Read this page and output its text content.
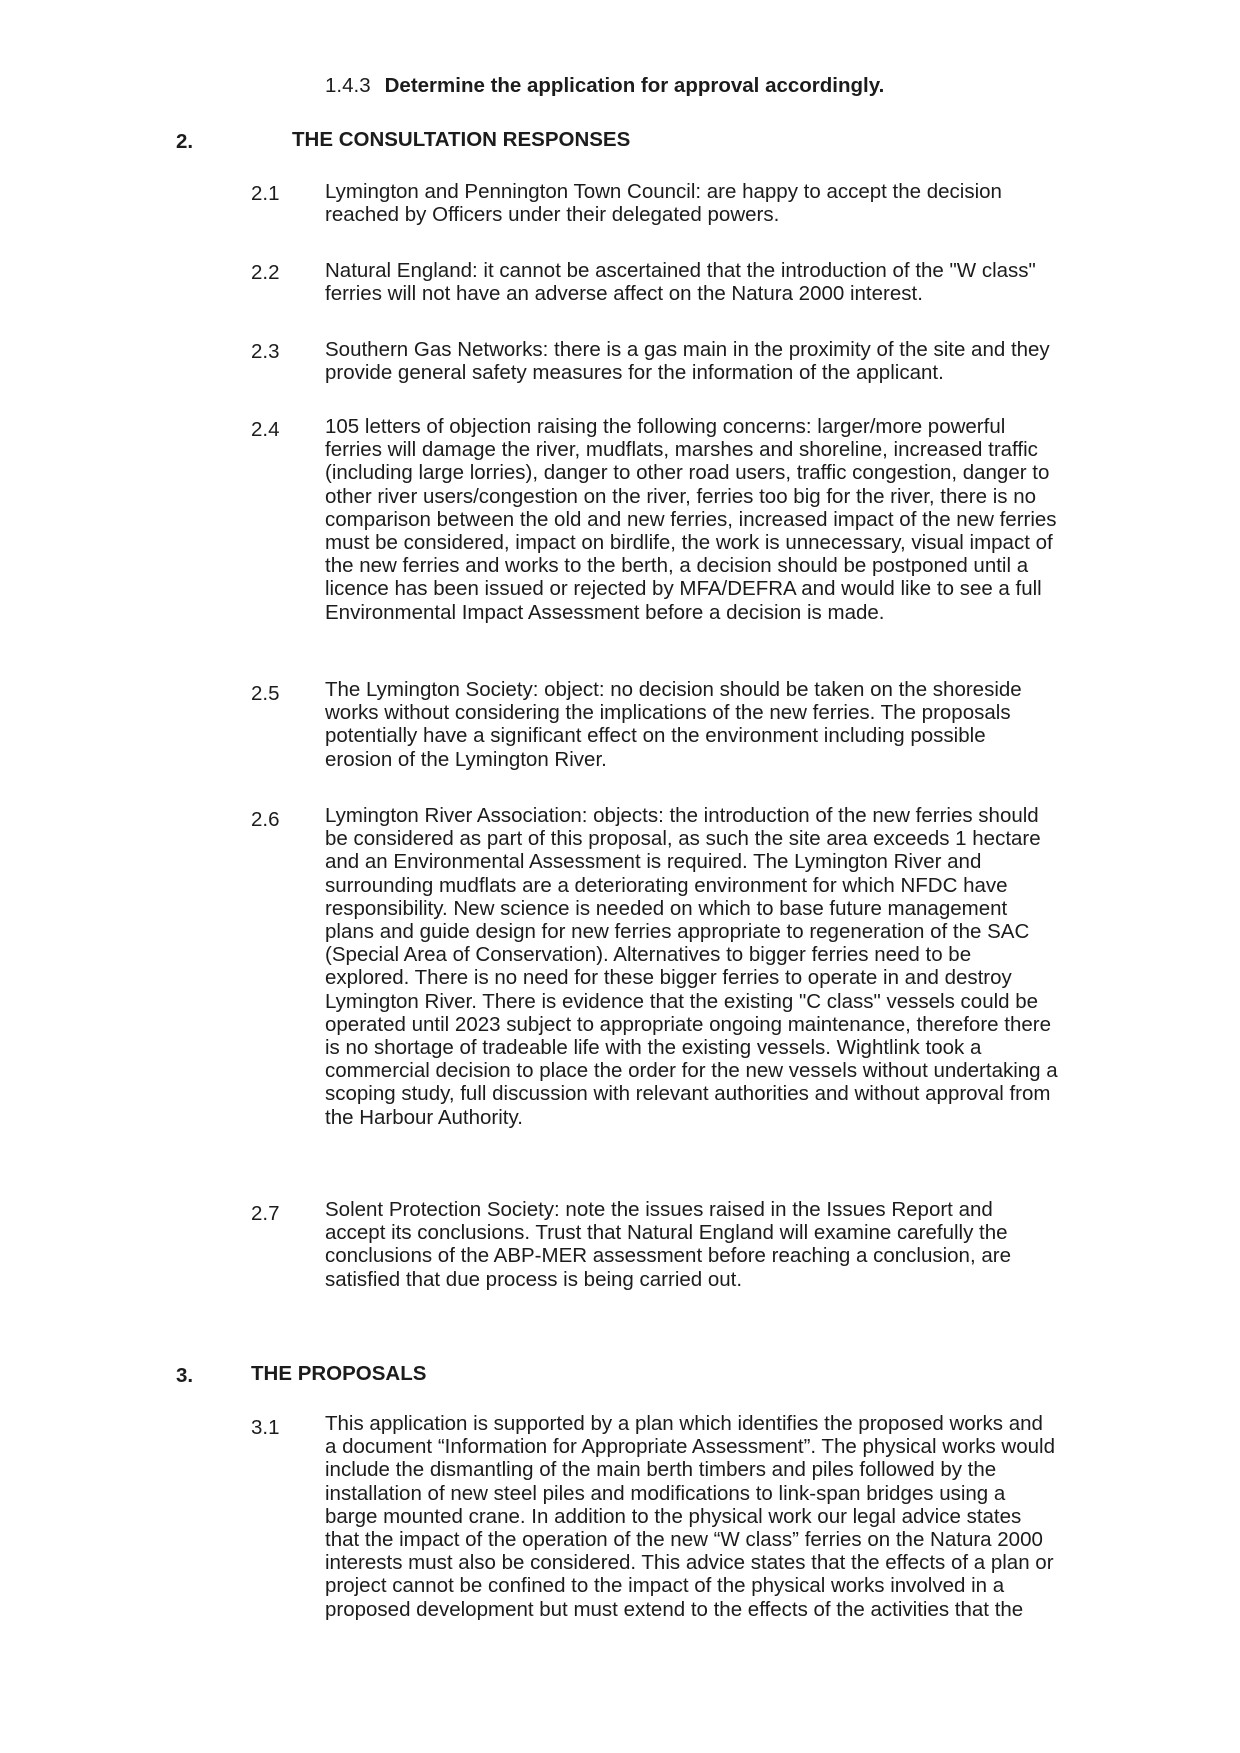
1.4.3 Determine the application for approval accordingly.
2.	THE CONSULTATION RESPONSES
2.1 Lymington and Pennington Town Council: are happy to accept the decision
reached by Officers under their delegated powers.
2.2 Natural England: it cannot be ascertained that the introduction of the "W class"
ferries will not have an adverse affect on the Natura 2000 interest.
2.3 Southern Gas Networks: there is a gas main in the proximity of the site and they
provide general safety measures for the information of the applicant.
2.4 105 letters of objection raising the following concerns: larger/more powerful
ferries will damage the river, mudflats, marshes and shoreline, increased traffic
(including large lorries), danger to other road users, traffic congestion, danger to
other river users/congestion on the river, ferries too big for the river, there is no
comparison between the old and new ferries, increased impact of the new ferries
must be considered, impact on birdlife, the work is unnecessary, visual impact of
the new ferries and works to the berth, a decision should be postponed until a
licence has been issued or rejected by MFA/DEFRA and would like to see a full
Environmental Impact Assessment before a decision is made.
2.5 The Lymington Society: object: no decision should be taken on the shoreside
works without considering the implications of the new ferries. The proposals
potentially have a significant effect on the environment including possible
erosion of the Lymington River.
2.6 Lymington River Association: objects: the introduction of the new ferries should
be considered as part of this proposal, as such the site area exceeds 1 hectare
and an Environmental Assessment is required. The Lymington River and
surrounding mudflats are a deteriorating environment for which NFDC have
responsibility. New science is needed on which to base future management
plans and guide design for new ferries appropriate to regeneration of the SAC
(Special Area of Conservation). Alternatives to bigger ferries need to be
explored. There is no need for these bigger ferries to operate in and destroy
Lymington River. There is evidence that the existing "C class" vessels could be
operated until 2023 subject to appropriate ongoing maintenance, therefore there
is no shortage of tradeable life with the existing vessels. Wightlink took a
commercial decision to place the order for the new vessels without undertaking a
scoping study, full discussion with relevant authorities and without approval from
the Harbour Authority.
2.7 Solent Protection Society: note the issues raised in the Issues Report and
accept its conclusions. Trust that Natural England will examine carefully the
conclusions of the ABP-MER assessment before reaching a conclusion, are
satisfied that due process is being carried out.
3.	THE PROPOSALS
3.1 This application is supported by a plan which identifies the proposed works and
a document “Information for Appropriate Assessment”. The physical works would
include the dismantling of the main berth timbers and piles followed by the
installation of new steel piles and modifications to link-span bridges using a
barge mounted crane. In addition to the physical work our legal advice states
that the impact of the operation of the new “W class” ferries on the Natura 2000
interests must also be considered. This advice states that the effects of a plan or
project cannot be confined to the impact of the physical works involved in a
proposed development but must extend to the effects of the activities that the
